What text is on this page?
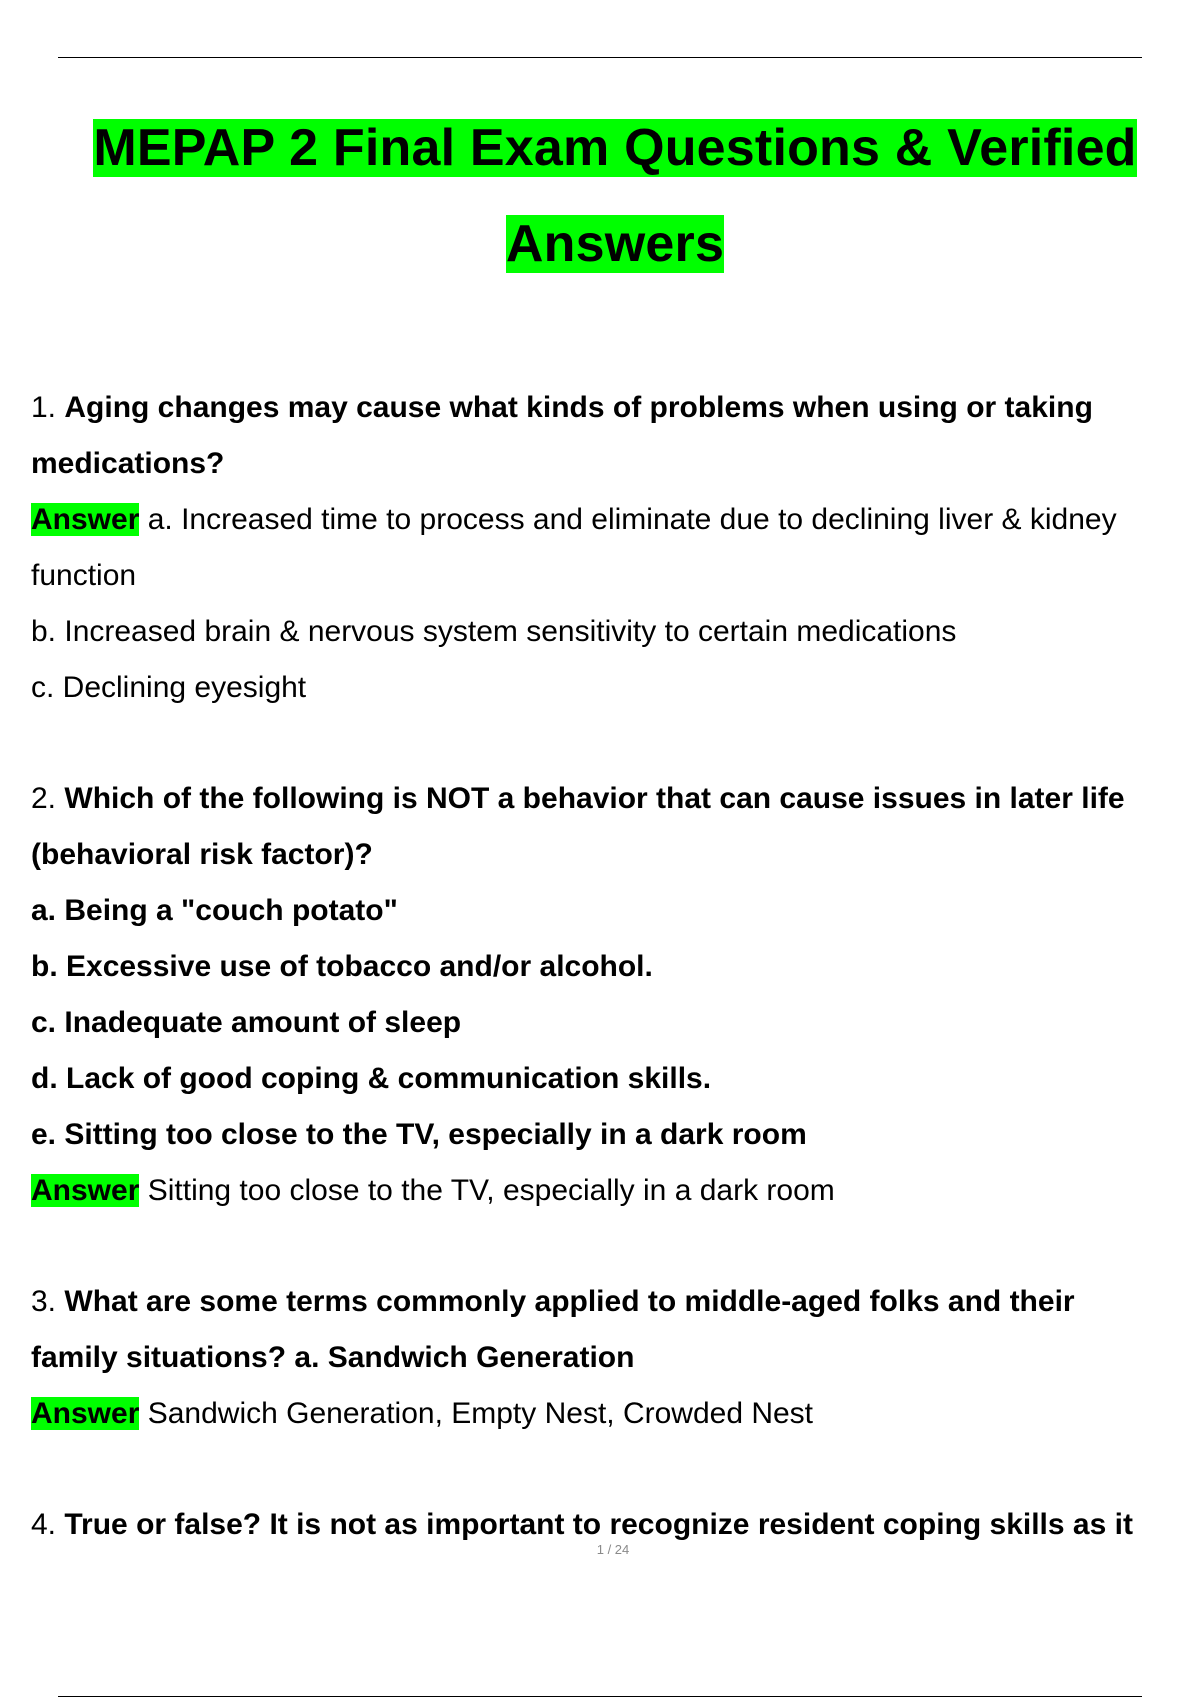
MEPAP 2 Final Exam Questions & Verified
Answers
1. Aging changes may cause what kinds of problems when using or taking
medications?
Answer a. Increased time to process and eliminate due to declining liver & kidney
function
b. Increased brain & nervous system sensitivity to certain medications
c. Declining eyesight
2. Which of the following is NOT a behavior that can cause issues in later life
(behavioral risk factor)?
a. Being a "couch potato"
b. Excessive use of tobacco and/or alcohol.
c. Inadequate amount of sleep
d. Lack of good coping & communication skills.
e. Sitting too close to the TV, especially in a dark room
Answer Sitting too close to the TV, especially in a dark room
3. What are some terms commonly applied to middle-aged folks and their
family situations? a. Sandwich Generation
Answer Sandwich Generation, Empty Nest, Crowded Nest
4. True or false? It is not as important to recognize resident coping skills as it
1 / 24
